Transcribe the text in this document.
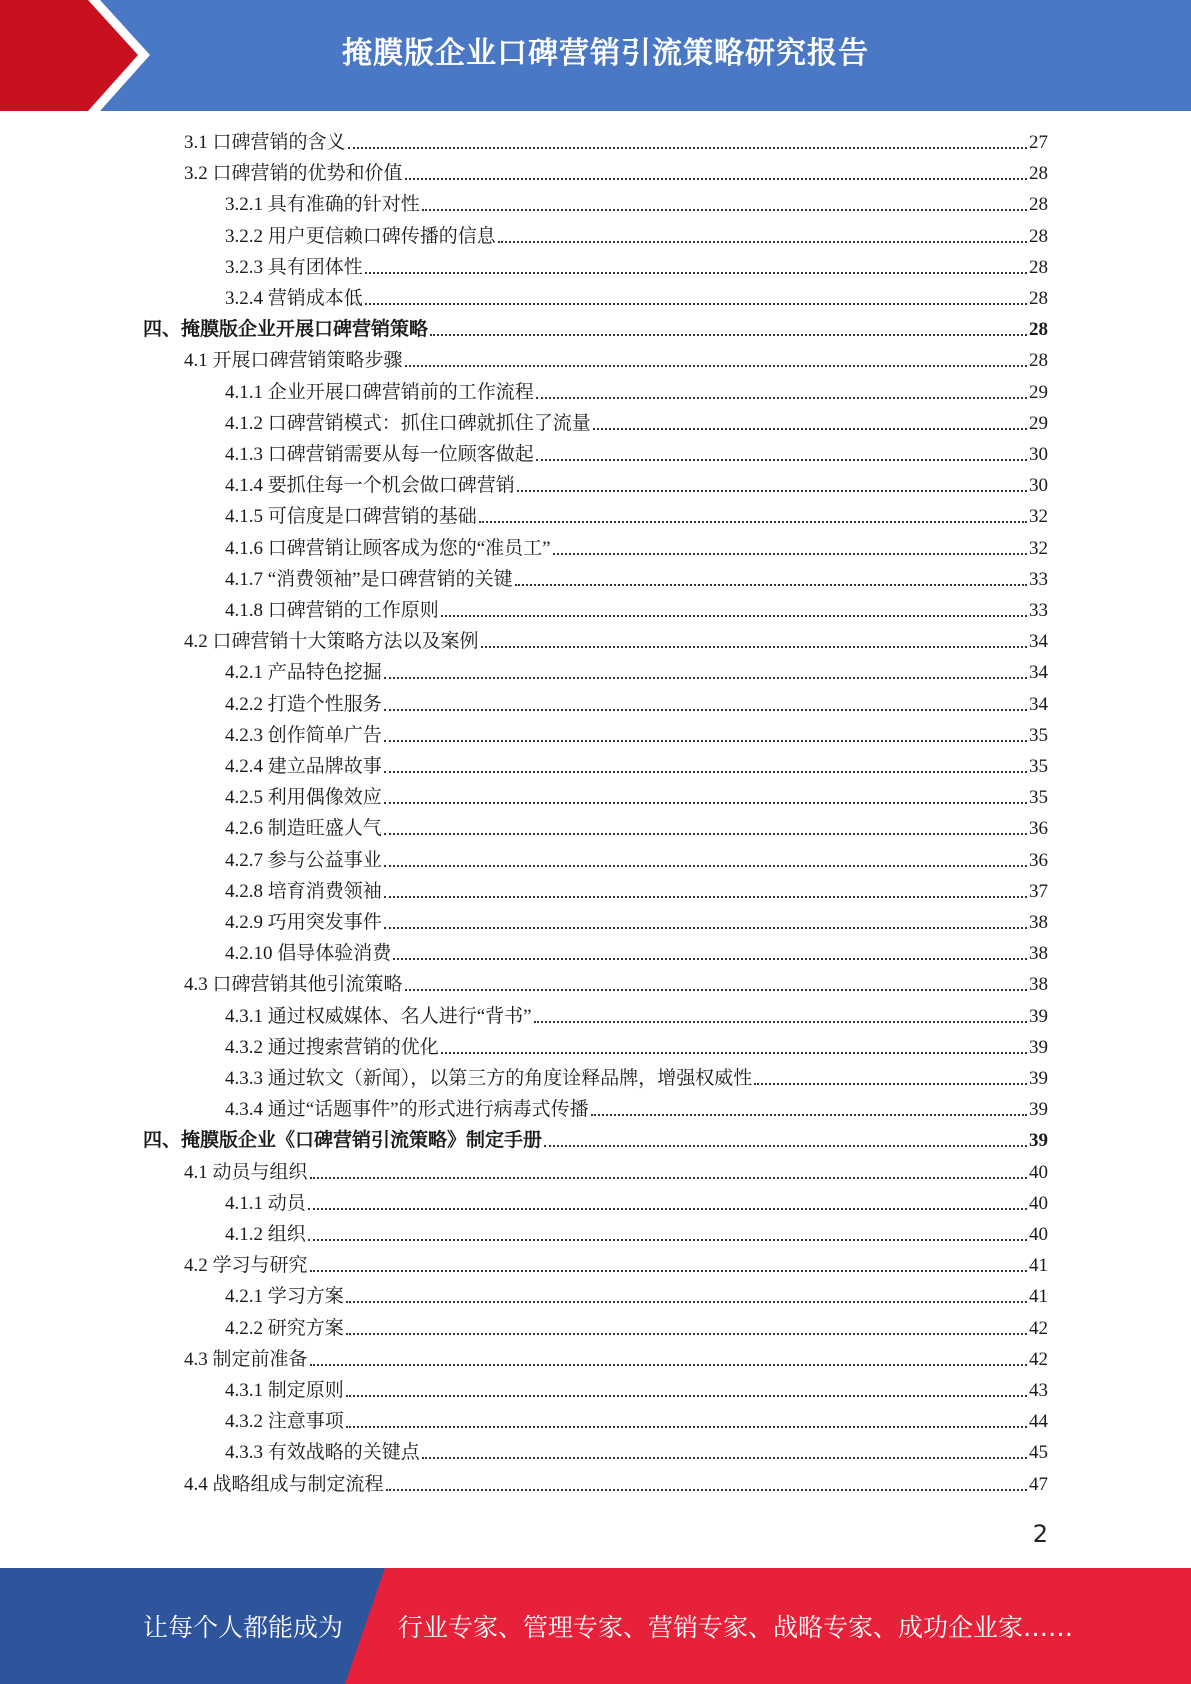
掩膜版企业口碑营销引流策略研究报告
3.1 口碑营销的含义	27
3.2 口碑营销的优势和价值	28
3.2.1 具有准确的针对性	28
3.2.2 用户更信赖口碑传播的信息	28
3.2.3 具有团体性	28
3.2.4 营销成本低	28
四、掩膜版企业开展口碑营销策略	28
4.1 开展口碑营销策略步骤	28
4.1.1 企业开展口碑营销前的工作流程	29
4.1.2 口碑营销模式：抓住口碑就抓住了流量	29
4.1.3 口碑营销需要从每一位顾客做起	30
4.1.4 要抓住每一个机会做口碑营销	30
4.1.5 可信度是口碑营销的基础	32
4.1.6 口碑营销让顾客成为您的“准员工”	32
4.1.7 “消费领袖”是口碑营销的关键	33
4.1.8 口碑营销的工作原则	33
4.2 口碑营销十大策略方法以及案例	34
4.2.1 产品特色挖掘	34
4.2.2 打造个性服务	34
4.2.3 创作简单广告	35
4.2.4 建立品牌故事	35
4.2.5 利用偶像效应	35
4.2.6 制造旺盛人气	36
4.2.7 参与公益事业	36
4.2.8 培育消费领袖	37
4.2.9 巧用突发事件	38
4.2.10 倡导体验消费	38
4.3 口碑营销其他引流策略	38
4.3.1 通过权威媒体、名人进行“背书”	39
4.3.2 通过搜索营销的优化	39
4.3.3 通过软文（新闻），以第三方的角度诠释品牌，增强权威性	39
4.3.4 通过“话题事件”的形式进行病毒式传播	39
四、掩膜版企业《口碑营销引流策略》制定手册	39
4.1 动员与组织	40
4.1.1 动员	40
4.1.2 组织	40
4.2 学习与研究	41
4.2.1 学习方案	41
4.2.2 研究方案	42
4.3 制定前准备	42
4.3.1 制定原则	43
4.3.2 注意事项	44
4.3.3 有效战略的关键点	45
4.4 战略组成与制定流程	47
2
让每个人都能成为 行业专家、管理专家、营销专家、战略专家、成功企业家……
